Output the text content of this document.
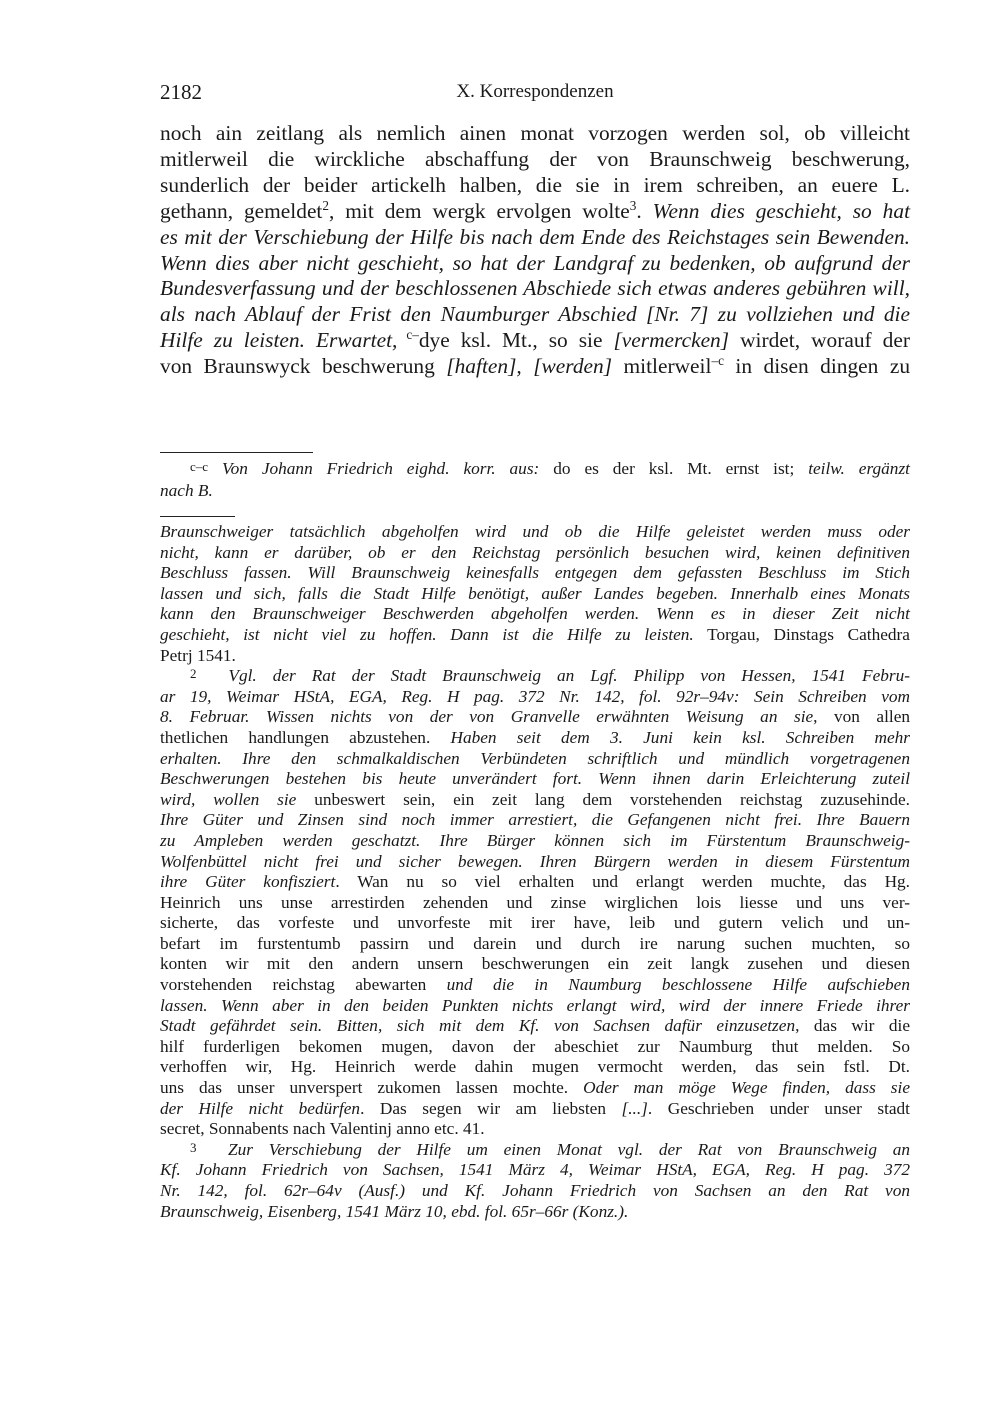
2182	X. Korrespondenzen
noch ain zeitlang als nemlich ainen monat vorzogen werden sol, ob villeicht
mitlerweil die wirckliche abschaffung der von Braunschweig beschwerung,
sunderlich der beider artickelh halben, die sie in irem schreiben, an euere L.
gethann, gemeldet$^2$, mit dem wergk ervolgen wolte$^3$. Wenn dies geschieht, so hat
es mit der Verschiebung der Hilfe bis nach dem Ende des Reichstages sein Bewenden.
Wenn dies aber nicht geschieht, so hat der Landgraf zu bedenken, ob aufgrund der
Bundesverfassung und der beschlossenen Abschiede sich etwas anderes gebühren will,
als nach Ablauf der Frist den Naumburger Abschied [Nr. 7] zu vollziehen und die
Hilfe zu leisten. Erwartet, $^{c-}$dye ksl. Mt., so sie [vermercken] wirdet, worauf der
von Braunswyck beschwerung [haften], [werden] mitlerweil$^{-c}$ in disen dingen zu
$^{c-c}$ Von Johann Friedrich eighd. korr. aus: do es der ksl. Mt. ernst ist; teilw. ergänzt
nach B.
Braunschweiger tatsächlich abgeholfen wird und ob die Hilfe geleistet werden muss oder
nicht, kann er darüber, ob er den Reichstag persönlich besuchen wird, keinen definitiven
Beschluss fassen. Will Braunschweig keinesfalls entgegen dem gefassten Beschluss im Stich
lassen und sich, falls die Stadt Hilfe benötigt, außer Landes begeben. Innerhalb eines Monats
kann den Braunschweiger Beschwerden abgeholfen werden. Wenn es in dieser Zeit nicht
geschieht, ist nicht viel zu hoffen. Dann ist die Hilfe zu leisten. Torgau, Dinstags Cathedra
Petrj 1541.
$^2$ Vgl. der Rat der Stadt Braunschweig an Lgf. Philipp von Hessen, 1541 Febru-
ar 19, Weimar HStA, EGA, Reg. H pag. 372 Nr. 142, fol. 92r–94v: Sein Schreiben vom
8. Februar. Wissen nichts von der von Granvelle erwähnten Weisung an sie, von allen
thetlichen handlungen abzustehen. Haben seit dem 3. Juni kein ksl. Schreiben mehr
erhalten. Ihre den schmalkaldischen Verbündeten schriftlich und mündlich vorgetragenen
Beschwerungen bestehen bis heute unverändert fort. Wenn ihnen darin Erleichterung zuteil
wird, wollen sie unbeswert sein, ein zeit lang dem vorstehenden reichstag zuzusehinde.
Ihre Güter und Zinsen sind noch immer arrestiert, die Gefangenen nicht frei. Ihre Bauern
zu Ampleben werden geschatzt. Ihre Bürger können sich im Fürstentum Braunschweig-
Wolfenbüttel nicht frei und sicher bewegen. Ihren Bürgern werden in diesem Fürstentum
ihre Güter konfisziert. Wan nu so viel erhalten und erlangt werden muchte, das Hg.
Heinrich uns unse arrestirden zehenden und zinse wirglichen lois liesse und uns ver-
sicherte, das vorfeste und unvorfeste mit irer have, leib und gutern velich und un-
befart im furstentumb passirn und darein und durch ire narung suchen muchten, so
konten wir mit den andern unsern beschwerungen ein zeit langk zusehen und diesen
vorstehenden reichstag abewarten und die in Naumburg beschlossene Hilfe aufschieben
lassen. Wenn aber in den beiden Punkten nichts erlangt wird, wird der innere Friede ihrer
Stadt gefährdet sein. Bitten, sich mit dem Kf. von Sachsen dafür einzusetzen, das wir die
hilf furderligen bekomen mugen, davon der abeschiet zur Naumburg thut melden. So
verhoffen wir, Hg. Heinrich werde dahin mugen vermocht werden, das sein fstl. Dt.
uns das unser unverspert zukomen lassen mochte. Oder man möge Wege finden, dass sie
der Hilfe nicht bedürfen. Das segen wir am liebsten [...]. Geschrieben under unser stadt
secret, Sonnabents nach Valentinj anno etc. 41.
$^3$ Zur Verschiebung der Hilfe um einen Monat vgl. der Rat von Braunschweig an
Kf. Johann Friedrich von Sachsen, 1541 März 4, Weimar HStA, EGA, Reg. H pag. 372
Nr. 142, fol. 62r–64v (Ausf.) und Kf. Johann Friedrich von Sachsen an den Rat von
Braunschweig, Eisenberg, 1541 März 10, ebd. fol. 65r–66r (Konz.).
